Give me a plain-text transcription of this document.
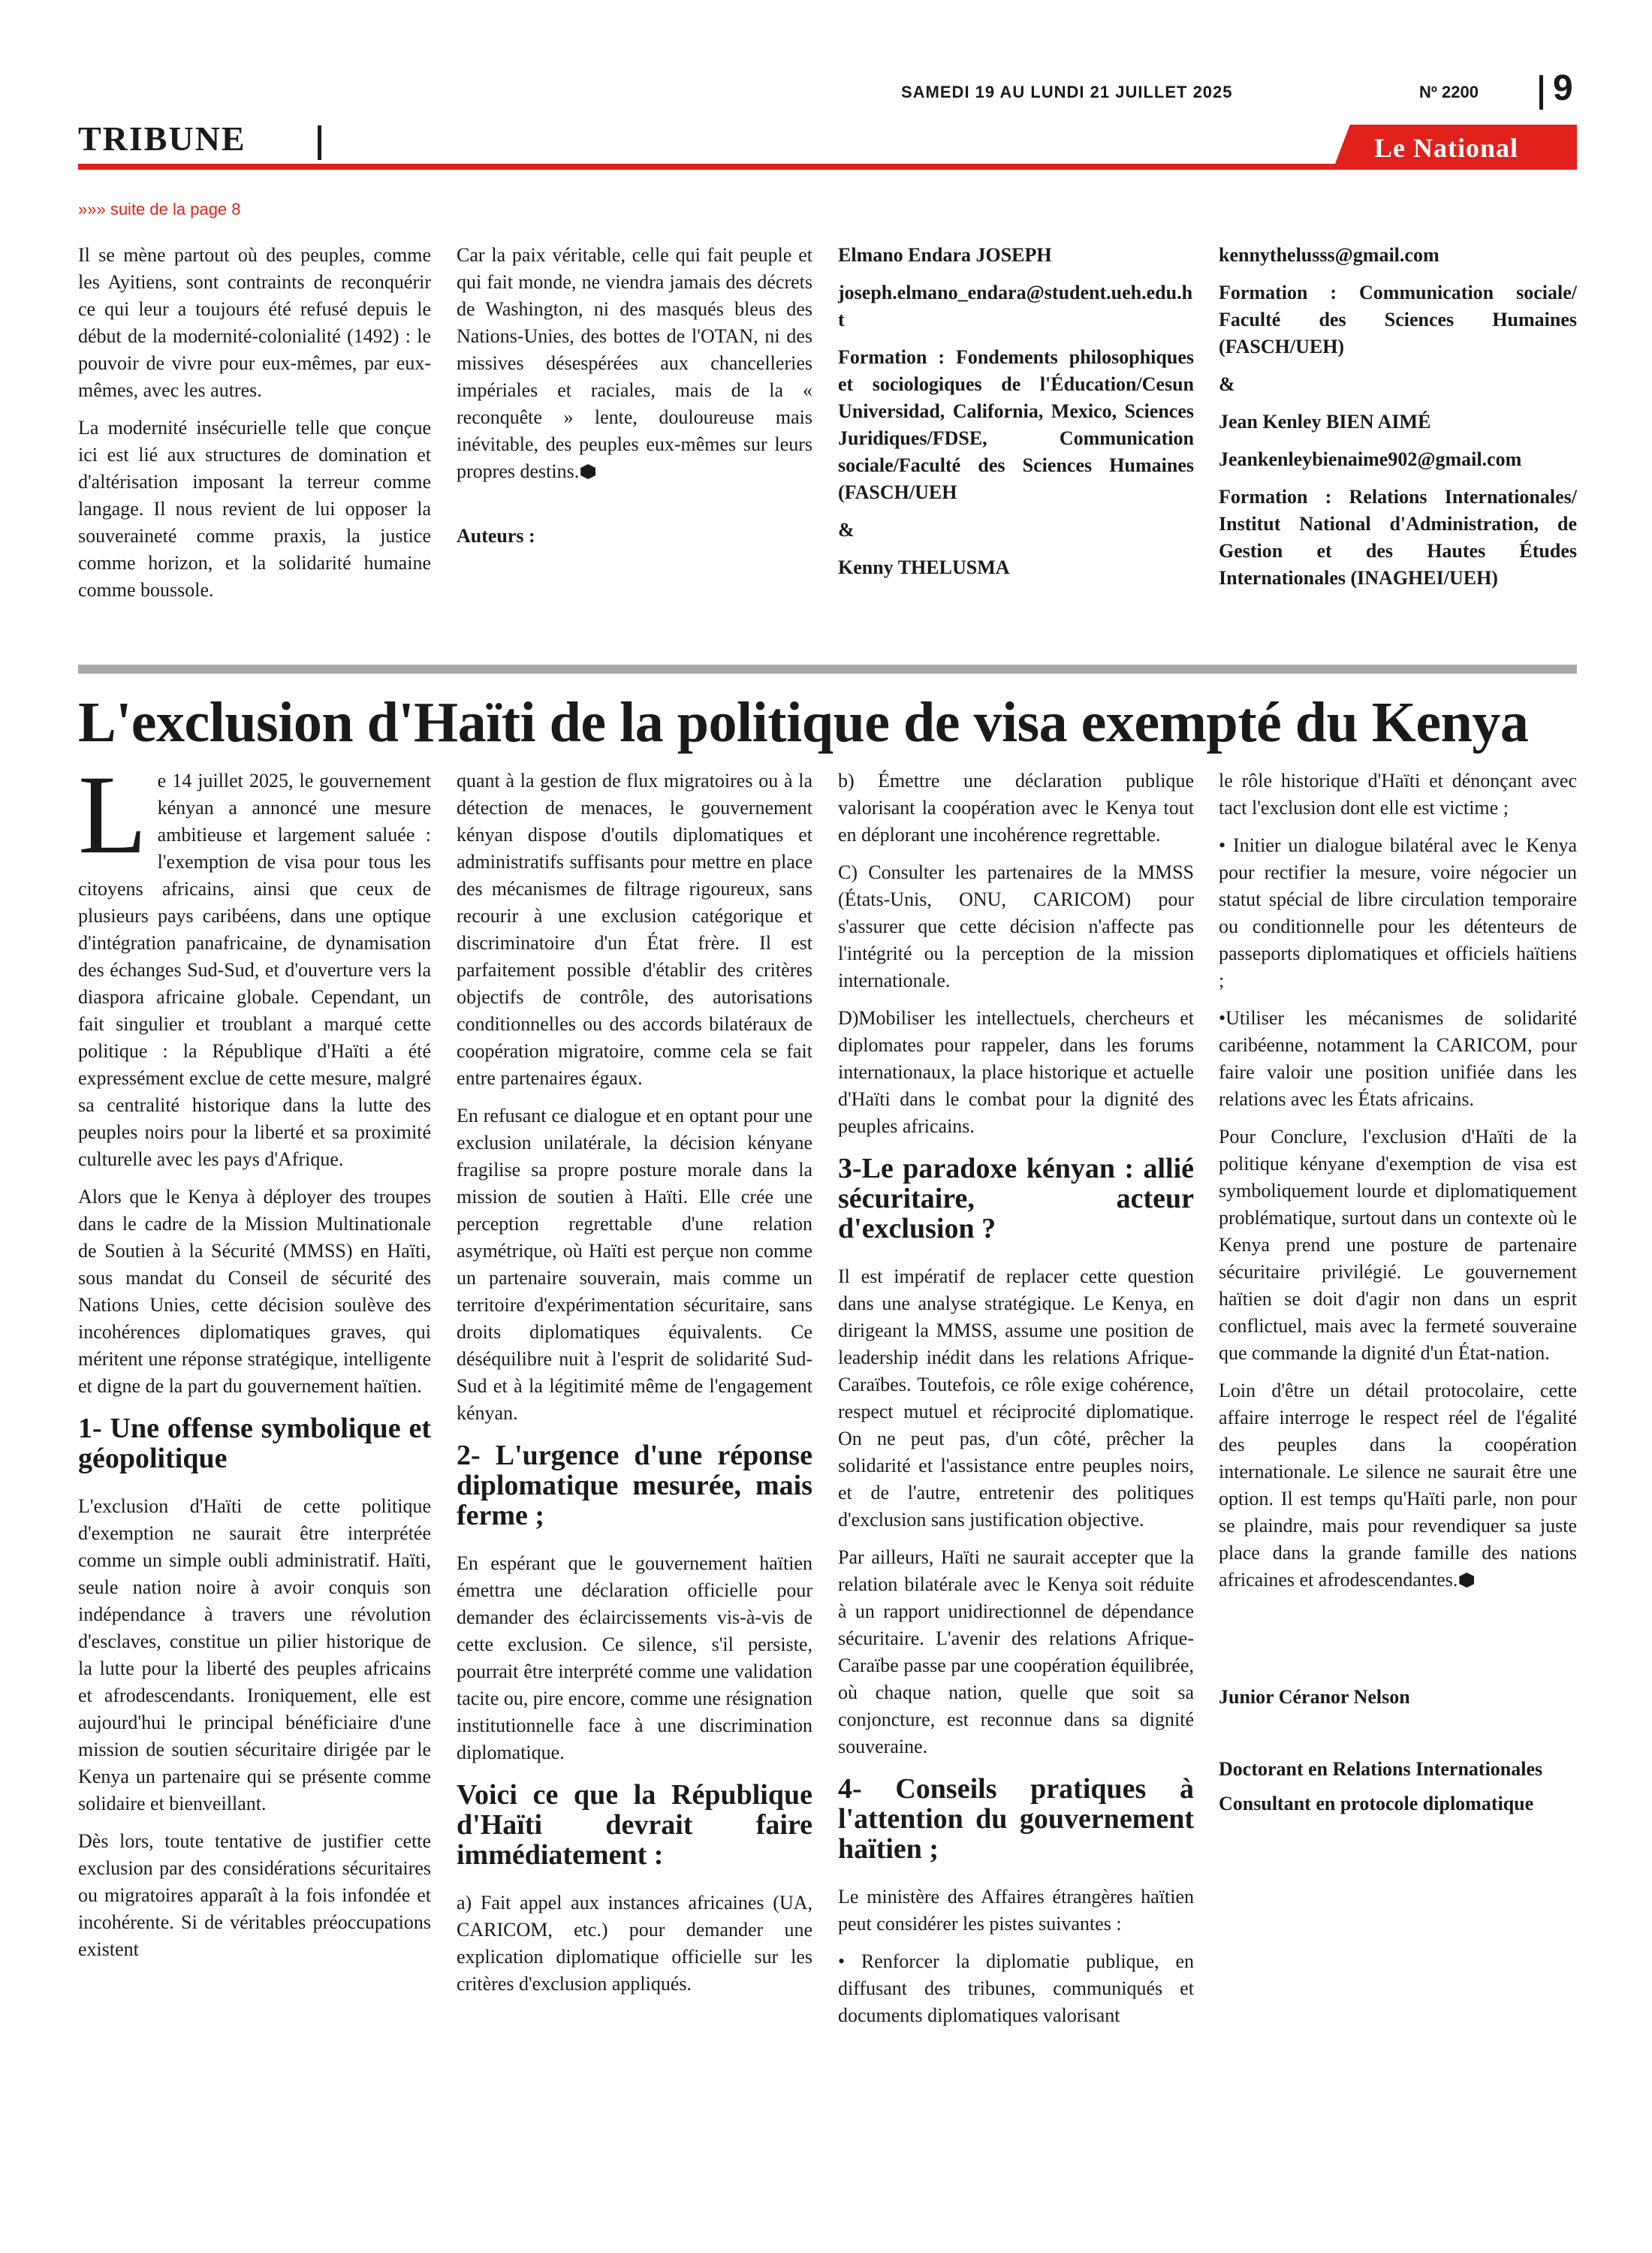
SAMEDI 19 AU LUNDI 21 JUILLET 2025	Nº 2200 9
TRIBUNE	Le National
»»» suite de la page 8

Il se mène partout où des peuples, comme les Ayitiens, sont contraints de reconquérir ce qui leur a toujours été refusé depuis le début de la modernité-colonialité (1492) : le pouvoir de vivre pour eux-mêmes, par eux-mêmes, avec les autres.

La modernité insécurielle telle que conçue ici est lié aux structures de domination et d'altérisation imposant la terreur comme langage. Il nous revient de lui opposer la souveraineté comme praxis, la justice comme horizon, et la solidarité humaine comme boussole.

Car la paix véritable, celle qui fait peuple et qui fait monde, ne viendra jamais des décrets de Washington, ni des masqués bleus des Nations-Unies, des bottes de l'OTAN, ni des missives désespérées aux chancelleries impériales et raciales, mais de la « reconquête » lente, douloureuse mais inévitable, des peuples eux-mêmes sur leurs propres destins.

Auteurs :

Elmano Endara JOSEPH

joseph.elmano_endara@student.ueh.edu.ht

Formation : Fondements philosophiques et sociologiques de l'Éducation/Cesun Universidad, California, Mexico, Sciences Juridiques/FDSE, Communication sociale/Faculté des Sciences Humaines (FASCH/UEH

&

Kenny THELUSMA

kennythelusss@gmail.com

Formation : Communication sociale/ Faculté des Sciences Humaines (FASCH/UEH)

&

Jean Kenley BIEN AIMÉ

Jeankenleybienaime902@gmail.com

Formation : Relations Internationales/ Institut National d'Administration, de Gestion et des Hautes Études Internationales (INAGHEI/UEH)

L'exclusion d'Haïti de la politique de visa exempté du Kenya

Le 14 juillet 2025, le gouvernement kényan a annoncé une mesure ambitieuse et largement saluée : l'exemption de visa pour tous les citoyens africains, ainsi que ceux de plusieurs pays caribéens, dans une optique d'intégration panafricaine, de dynamisation des échanges Sud-Sud, et d'ouverture vers la diaspora africaine globale. Cependant, un fait singulier et troublant a marqué cette politique : la République d'Haïti a été expressément exclue de cette mesure, malgré sa centralité historique dans la lutte des peuples noirs pour la liberté et sa proximité culturelle avec les pays d'Afrique.

Alors que le Kenya à déployer des troupes dans le cadre de la Mission Multinationale de Soutien à la Sécurité (MMSS) en Haïti, sous mandat du Conseil de sécurité des Nations Unies, cette décision soulève des incohérences diplomatiques graves, qui méritent une réponse stratégique, intelligente et digne de la part du gouvernement haïtien.

1- Une offense symbolique et géopolitique

L'exclusion d'Haïti de cette politique d'exemption ne saurait être interprétée comme un simple oubli administratif. Haïti, seule nation noire à avoir conquis son indépendance à travers une révolution d'esclaves, constitue un pilier historique de la lutte pour la liberté des peuples africains et afrodescendants. Ironiquement, elle est aujourd'hui le principal bénéficiaire d'une mission de soutien sécuritaire dirigée par le Kenya un partenaire qui se présente comme solidaire et bienveillant.

Dès lors, toute tentative de justifier cette exclusion par des considérations sécuritaires ou migratoires apparaît à la fois infondée et incohérente. Si de véritables préoccupations existent

quant à la gestion de flux migratoires ou à la détection de menaces, le gouvernement kényan dispose d'outils diplomatiques et administratifs suffisants pour mettre en place des mécanismes de filtrage rigoureux, sans recourir à une exclusion catégorique et discriminatoire d'un État frère. Il est parfaitement possible d'établir des critères objectifs de contrôle, des autorisations conditionnelles ou des accords bilatéraux de coopération migratoire, comme cela se fait entre partenaires égaux.

En refusant ce dialogue et en optant pour une exclusion unilatérale, la décision kényane fragilise sa propre posture morale dans la mission de soutien à Haïti. Elle crée une perception regrettable d'une relation asymétrique, où Haïti est perçue non comme un partenaire souverain, mais comme un territoire d'expérimentation sécuritaire, sans droits diplomatiques équivalents. Ce déséquilibre nuit à l'esprit de solidarité Sud-Sud et à la légitimité même de l'engagement kényan.

2- L'urgence d'une réponse diplomatique mesurée, mais ferme ;

En espérant que le gouvernement haïtien émettra une déclaration officielle pour demander des éclaircissements vis-à-vis de cette exclusion. Ce silence, s'il persiste, pourrait être interprété comme une validation tacite ou, pire encore, comme une résignation institutionnelle face à une discrimination diplomatique.

Voici ce que la République d'Haïti devrait faire immédiatement :

a) Fait appel aux instances africaines (UA, CARICOM, etc.) pour demander une explication diplomatique officielle sur les critères d'exclusion appliqués.

b) Émettre une déclaration publique valorisant la coopération avec le Kenya tout en déplorant une incohérence regrettable.

C) Consulter les partenaires de la MMSS (États-Unis, ONU, CARICOM) pour s'assurer que cette décision n'affecte pas l'intégrité ou la perception de la mission internationale.

D)Mobiliser les intellectuels, chercheurs et diplomates pour rappeler, dans les forums internationaux, la place historique et actuelle d'Haïti dans le combat pour la dignité des peuples africains.

3-Le paradoxe kényan : allié sécuritaire, acteur d'exclusion ?

Il est impératif de replacer cette question dans une analyse stratégique. Le Kenya, en dirigeant la MMSS, assume une position de leadership inédit dans les relations Afrique-Caraïbes. Toutefois, ce rôle exige cohérence, respect mutuel et réciprocité diplomatique. On ne peut pas, d'un côté, prêcher la solidarité et l'assistance entre peuples noirs, et de l'autre, entretenir des politiques d'exclusion sans justification objective.

Par ailleurs, Haïti ne saurait accepter que la relation bilatérale avec le Kenya soit réduite à un rapport unidirectionnel de dépendance sécuritaire. L'avenir des relations Afrique-Caraïbe passe par une coopération équilibrée, où chaque nation, quelle que soit sa conjoncture, est reconnue dans sa dignité souveraine.

4- Conseils pratiques à l'attention du gouvernement haïtien ;

Le ministère des Affaires étrangères haïtien peut considérer les pistes suivantes :

• Renforcer la diplomatie publique, en diffusant des tribunes, communiqués et documents diplomatiques valorisant

le rôle historique d'Haïti et dénonçant avec tact l'exclusion dont elle est victime ;

• Initier un dialogue bilatéral avec le Kenya pour rectifier la mesure, voire négocier un statut spécial de libre circulation temporaire ou conditionnelle pour les détenteurs de passeports diplomatiques et officiels haïtiens ;

•Utiliser les mécanismes de solidarité caribéenne, notamment la CARICOM, pour faire valoir une position unifiée dans les relations avec les États africains.

Pour Conclure, l'exclusion d'Haïti de la politique kényane d'exemption de visa est symboliquement lourde et diplomatiquement problématique, surtout dans un contexte où le Kenya prend une posture de partenaire sécuritaire privilégié. Le gouvernement haïtien se doit d'agir non dans un esprit conflictuel, mais avec la fermeté souveraine que commande la dignité d'un État-nation.

Loin d'être un détail protocolaire, cette affaire interroge le respect réel de l'égalité des peuples dans la coopération internationale. Le silence ne saurait être une option. Il est temps qu'Haïti parle, non pour se plaindre, mais pour revendiquer sa juste place dans la grande famille des nations africaines et afrodescendantes.

Junior Céranor Nelson

Doctorant en Relations Internationales

Consultant en protocole diplomatique
